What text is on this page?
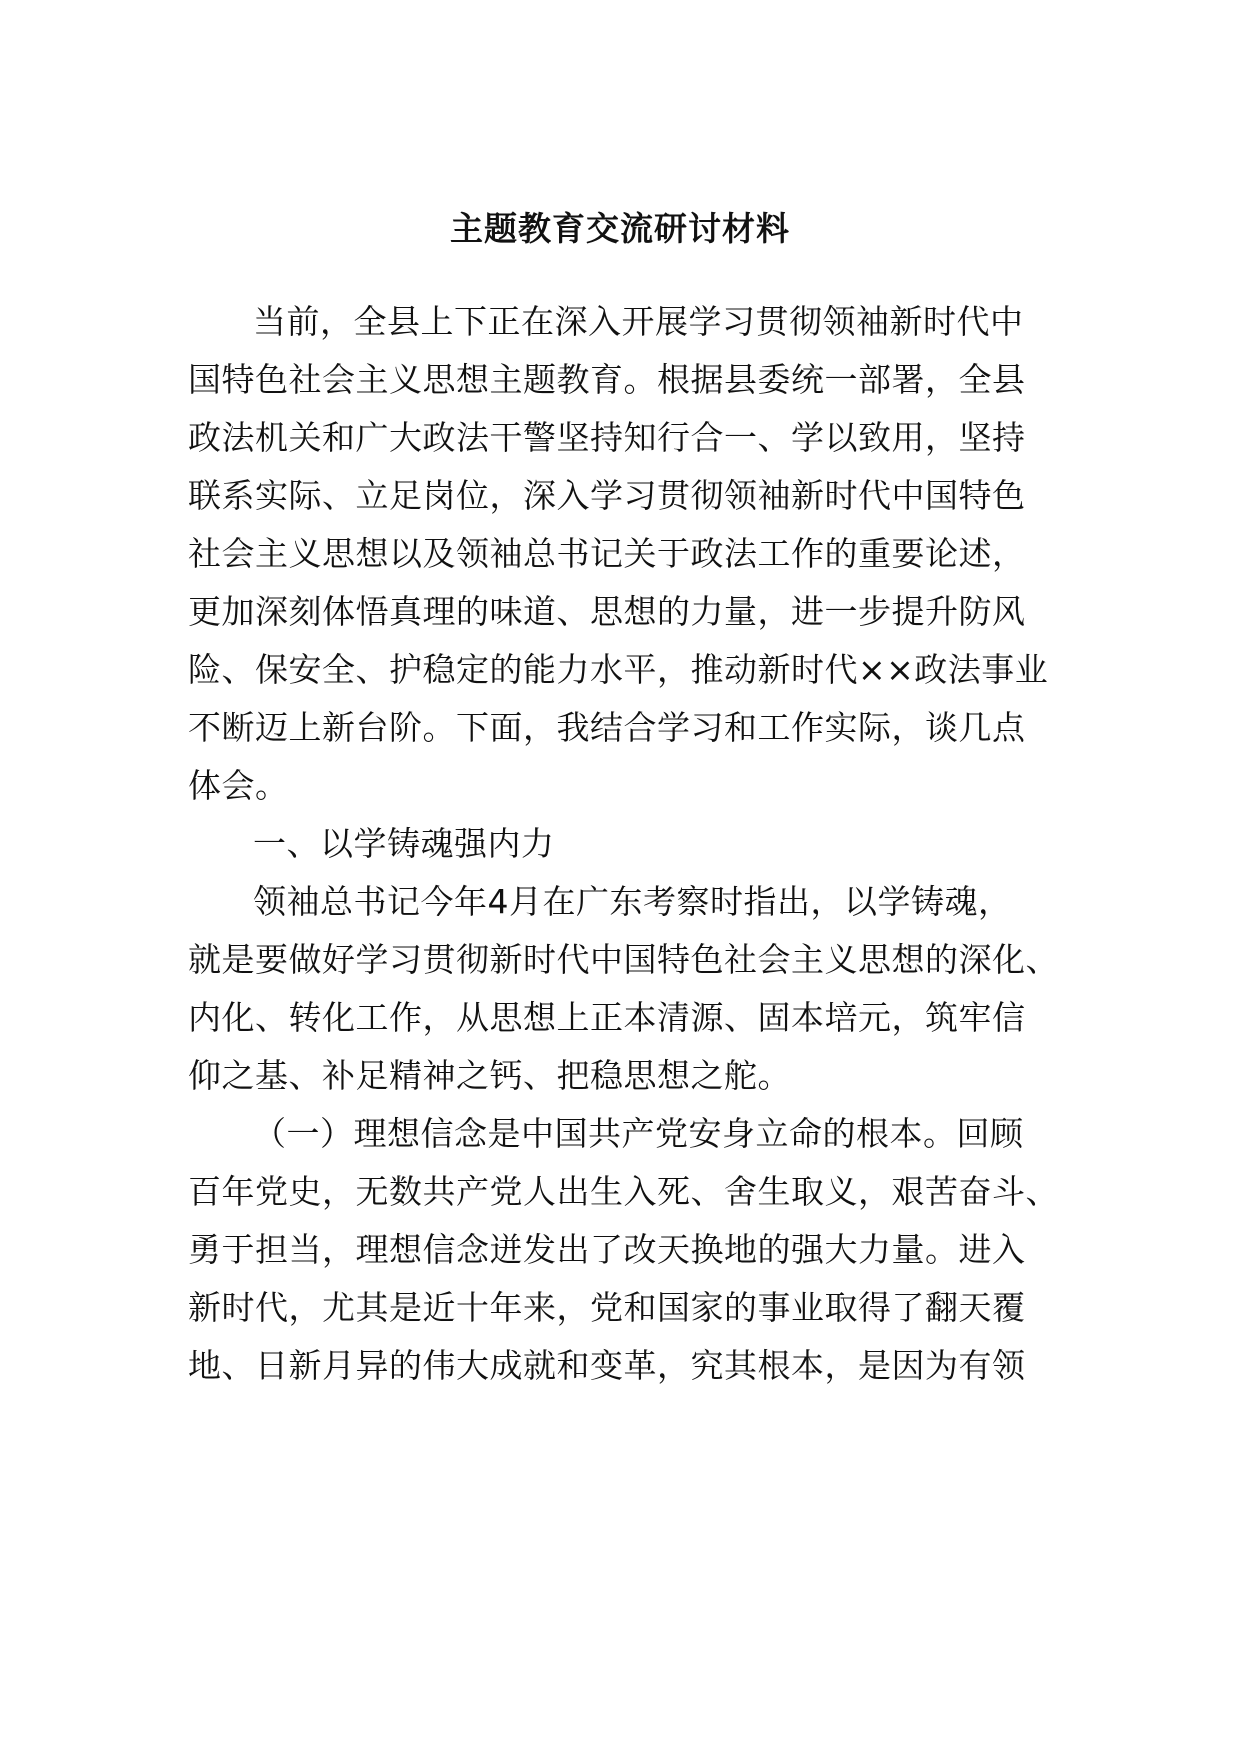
主题教育交流研讨材料
当前，全县上下正在深入开展学习贯彻领袖新时代中
国特色社会主义思想主题教育。根据县委统一部署，全县
政法机关和广大政法干警坚持知行合一、学以致用，坚持
联系实际、立足岗位，深入学习贯彻领袖新时代中国特色
社会主义思想以及领袖总书记关于政法工作的重要论述，
更加深刻体悟真理的味道、思想的力量，进一步提升防风
险、保安全、护稳定的能力水平，推动新时代××政法事业
不断迈上新台阶。下面，我结合学习和工作实际，谈几点
体会。
一、以学铸魂强内力
领袖总书记今年4月在广东考察时指出，以学铸魂，
就是要做好学习贯彻新时代中国特色社会主义思想的深化、
内化、转化工作，从思想上正本清源、固本培元，筑牢信
仰之基、补足精神之钙、把稳思想之舵。
（一）理想信念是中国共产党安身立命的根本。回顾
百年党史，无数共产党人出生入死、舍生取义，艰苦奋斗、
勇于担当，理想信念迸发出了改天换地的强大力量。进入
新时代，尤其是近十年来，党和国家的事业取得了翻天覆
地、日新月异的伟大成就和变革，究其根本，是因为有领
